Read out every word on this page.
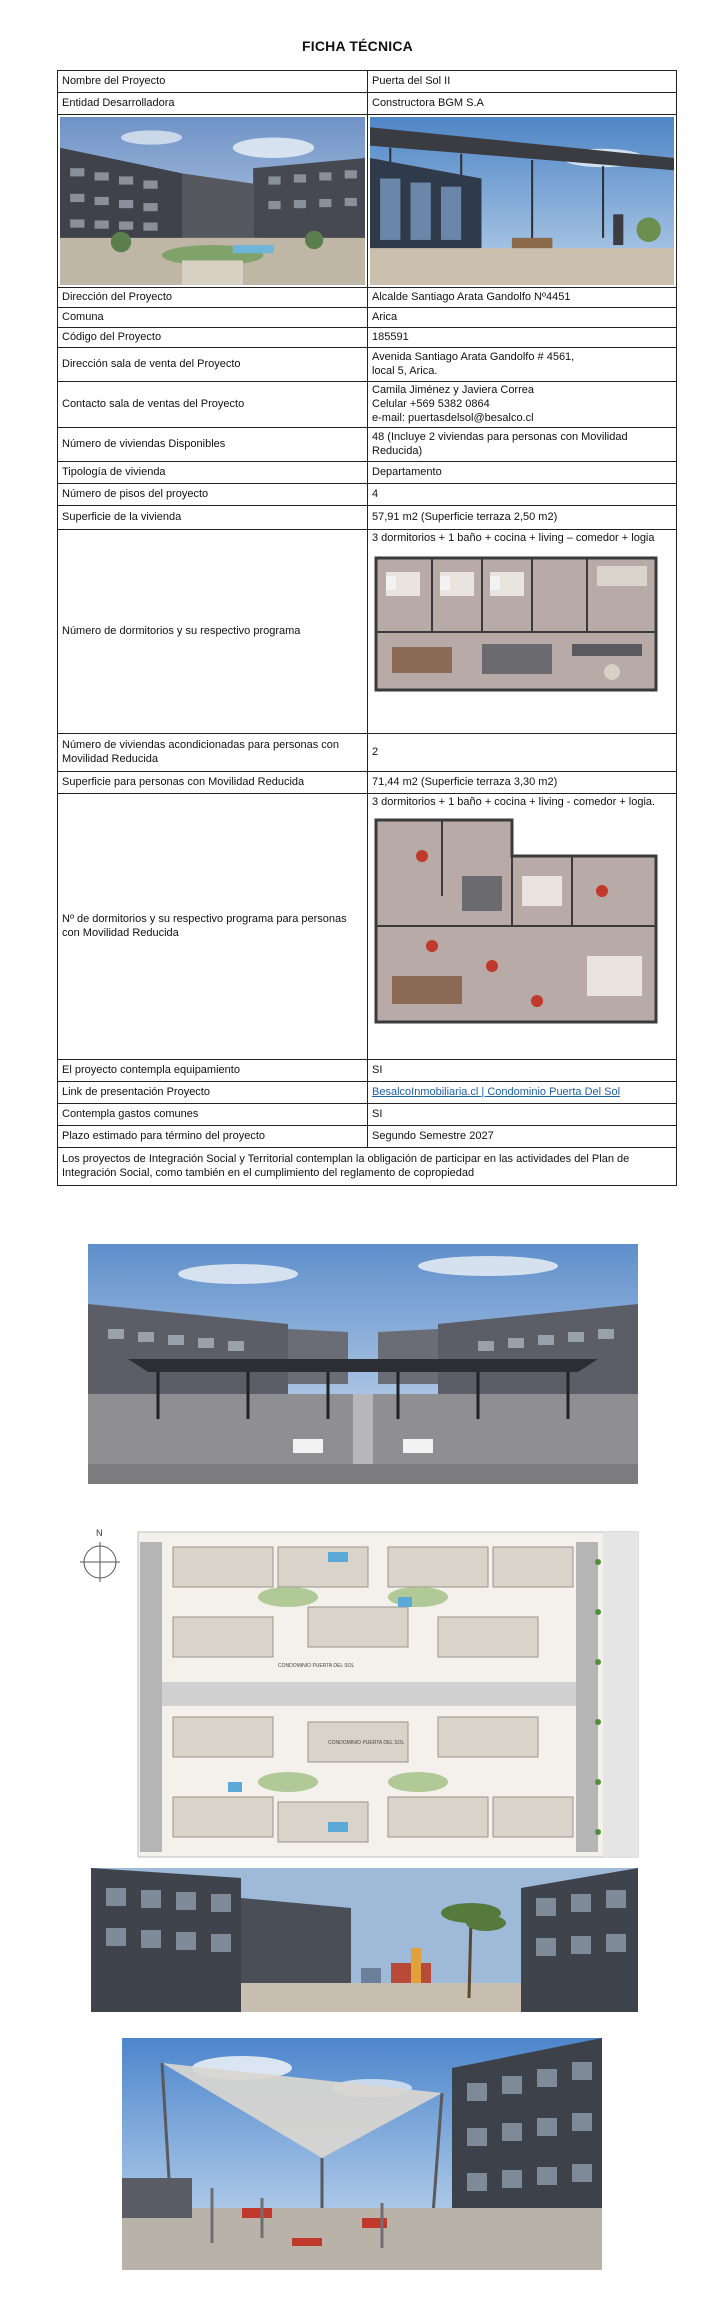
FICHA TÉCNICA
Nombre del Proyecto	Puerta del Sol II
Entidad Desarrolladora	Constructora BGM S.A

Dirección del Proyecto	Alcalde Santiago Arata Gandolfo Nº4451
Comuna	Arica
Código del Proyecto	185591
Dirección sala de venta del Proyecto	Avenida Santiago Arata Gandolfo # 4561,
local 5, Arica.

Contacto sala de ventas del Proyecto	Camila Jiménez y Javiera Correa
Celular +569 5382 0864
e-mail: puertasdelsol@besalco.cl

Número de viviendas Disponibles	48 (Incluye 2 viviendas para personas con Movilidad Reducida)
Tipología de vivienda	Departamento
Número de pisos del proyecto	4
Superficie de la vivienda	57,91 m2 (Superficie terraza 2,50 m2)
Número de dormitorios y su respectivo programa	3 dormitorios + 1 baño + cocina + living – comedor + logia

Número de viviendas acondicionadas para personas con Movilidad Reducida	2
Superficie para personas con Movilidad Reducida	71,44 m2 (Superficie terraza 3,30 m2)
Nº de dormitorios y su respectivo programa para personas con Movilidad Reducida	3 dormitorios + 1 baño + cocina + living - comedor + logia.

El proyecto contempla equipamiento	SI
Link de presentación Proyecto	BesalcoInmobiliaria.cl | Condominio Puerta Del Sol
Contempla gastos comunes	SI
Plazo estimado para término del proyecto	Segundo Semestre 2027
Los proyectos de Integración Social y Territorial contemplan la obligación de participar en las actividades del Plan de Integración Social, como también en el cumplimiento del reglamento de copropiedad	
N
CONDOMINIO PUERTA DEL SOL
CONDOMINIO PUERTA DEL SOL
